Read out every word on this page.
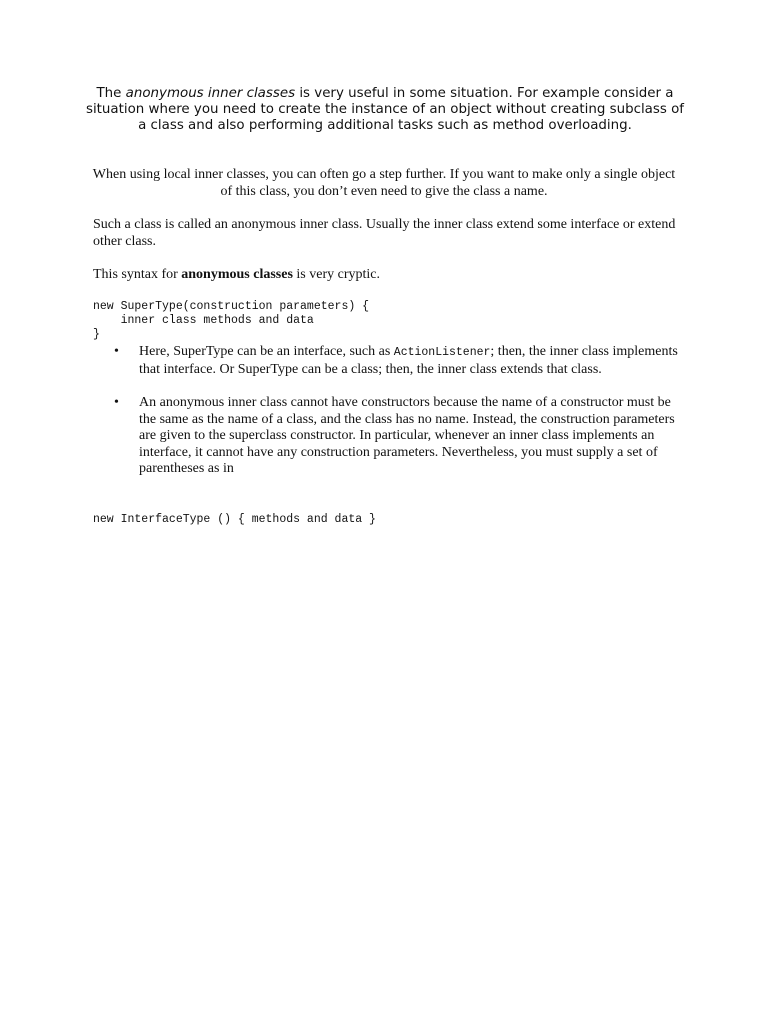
The anonymous inner classes is very useful in some situation. For example consider a situation where you need to create the instance of an object without creating subclass of a class and also performing additional tasks such as method overloading.

When using local inner classes, you can often go a step further. If you want to make only a single object of this class, you don’t even need to give the class a name.

Such a class is called an anonymous inner class. Usually the inner class extend some interface or extend other class.

This syntax for anonymous classes is very cryptic.

new SuperType(construction parameters) {
inner class methods and data
}
• Here, SuperType can be an interface, such as ActionListener; then, the inner class implements that interface. Or SuperType can be a class; then, the inner class extends that class.
• An anonymous inner class cannot have constructors because the name of a constructor must be the same as the name of a class, and the class has no name. Instead, the construction parameters are given to the superclass constructor. In particular, whenever an inner class implements an interface, it cannot have any construction parameters. Nevertheless, you must supply a set of parentheses as in
new InterfaceType () { methods and data }
